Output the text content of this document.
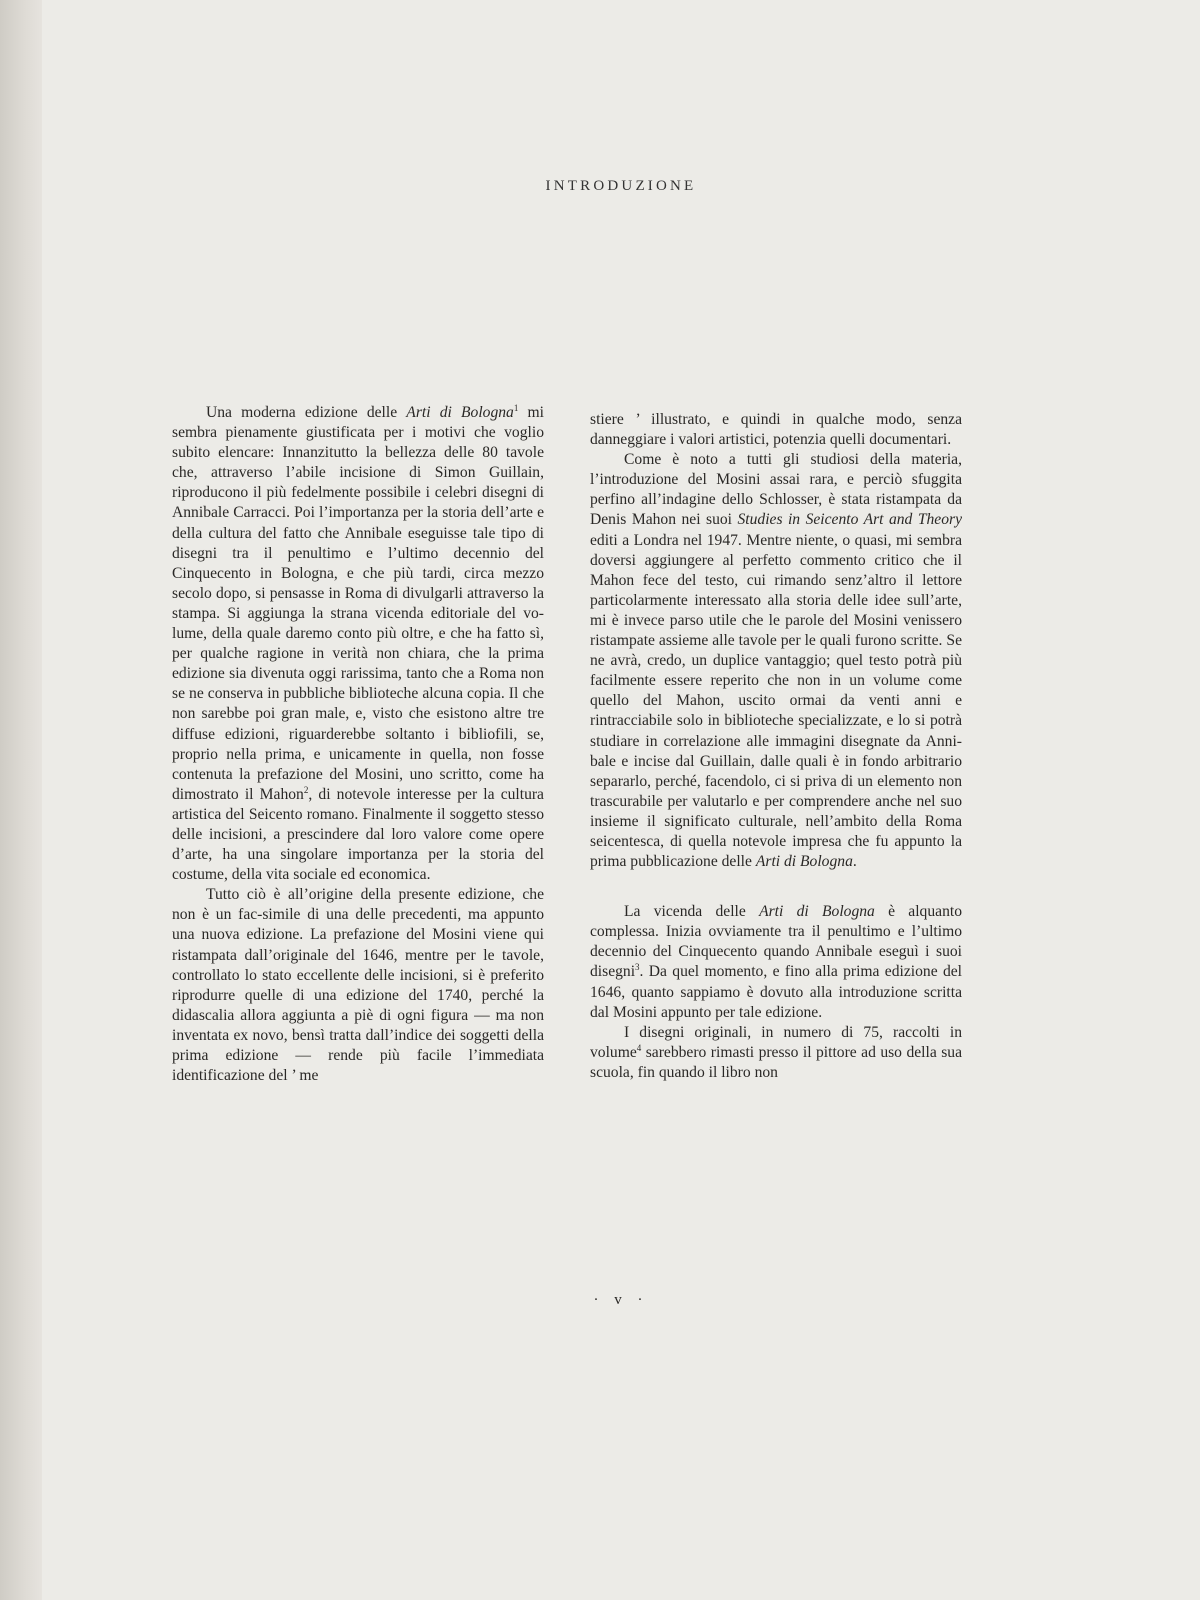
INTRODUZIONE

Una moderna edizione delle Arti di Bologna$^1$ mi sembra pienamente giustificata per i motivi che voglio subito elencare: Innanzitutto la bellezza delle 80 tavole che, attraverso l’abile incisione di Simon Guillain, riproducono il più fedelmente possibile i celebri disegni di Annibale Carracci. Poi l’importanza per la storia dell’arte e della cultura del fatto che Annibale eseguisse tale tipo di disegni tra il penultimo e l’ultimo decennio del Cinquecento in Bologna, e che più tardi, circa mezzo secolo dopo, si pensasse in Roma di divulgarli attraverso la stampa. Si aggiunga la strana vicenda editoriale del volume, della quale daremo conto più oltre, e che ha fatto sì, per qualche ragione in verità non chiara, che la prima edizione sia divenuta oggi rarissima, tanto che a Roma non se ne conserva in pubbliche biblioteche alcuna copia. Il che non sarebbe poi gran male, e, visto che esistono altre tre diffuse edizioni, riguarderebbe soltanto i bibliofili, se, proprio nella prima, e unicamente in quella, non fosse contenuta la prefazione del Mosini, uno scritto, come ha dimostrato il Mahon$^2$, di notevole interesse per la cultura artistica del Seicento romano. Finalmente il soggetto stesso delle incisioni, a prescindere dal loro valore come opere d’arte, ha una singolare importanza per la storia del costume, della vita sociale ed economica.

Tutto ciò è all’origine della presente edizione, che non è un fac-simile di una delle precedenti, ma appunto una nuova edizione. La prefazione del Mosini viene qui ristampata dall’originale del 1646, mentre per le tavole, controllato lo stato eccellente delle incisioni, si è preferito riprodurre quelle di una edizione del 1740, perché la didascalia allora aggiunta a piè di ogni figura — ma non inventata ex novo, bensì tratta dall’indice dei soggetti della prima edizione — rende più facile l’immediata identificazione del ’ me

stiere ’ illustrato, e quindi in qualche modo, senza danneggiare i valori artistici, potenzia quelli documentari.

Come è noto a tutti gli studiosi della materia, l’introduzione del Mosini assai rara, e perciò sfuggita perfino all’indagine dello Schlosser, è stata ristampata da Denis Mahon nei suoi Studies in Seicento Art and Theory editi a Londra nel 1947. Mentre niente, o quasi, mi sembra doversi aggiungere al perfetto commento critico che il Mahon fece del testo, cui rimando senz’altro il lettore particolarmente interessato alla storia delle idee sull’arte, mi è invece parso utile che le parole del Mosini venissero ristampate assieme alle tavole per le quali furono scritte. Se ne avrà, credo, un duplice vantaggio; quel testo potrà più facilmente essere reperito che non in un volume come quello del Mahon, uscito ormai da venti anni e rintracciabile solo in biblioteche specializzate, e lo si potrà studiare in correlazione alle immagini disegnate da Annibale e incise dal Guillain, dalle quali è in fondo arbitrario separarlo, perché, facendolo, ci si priva di un elemento non trascurabile per valutarlo e per comprendere anche nel suo insieme il significato culturale, nell’ambito della Roma seicentesca, di quella notevole impresa che fu appunto la prima pubblicazione delle Arti di Bologna.

La vicenda delle Arti di Bologna è alquanto complessa. Inizia ovviamente tra il penultimo e l’ultimo decennio del Cinquecento quando Annibale eseguì i suoi disegni$^3$. Da quel momento, e fino alla prima edizione del 1646, quanto sappiamo è dovuto alla introduzione scritta dal Mosini appunto per tale edizione.

I disegni originali, in numero di 75, raccolti in volume$^4$ sarebbero rimasti presso il pittore ad uso della sua scuola, fin quando il libro non

· v ·
